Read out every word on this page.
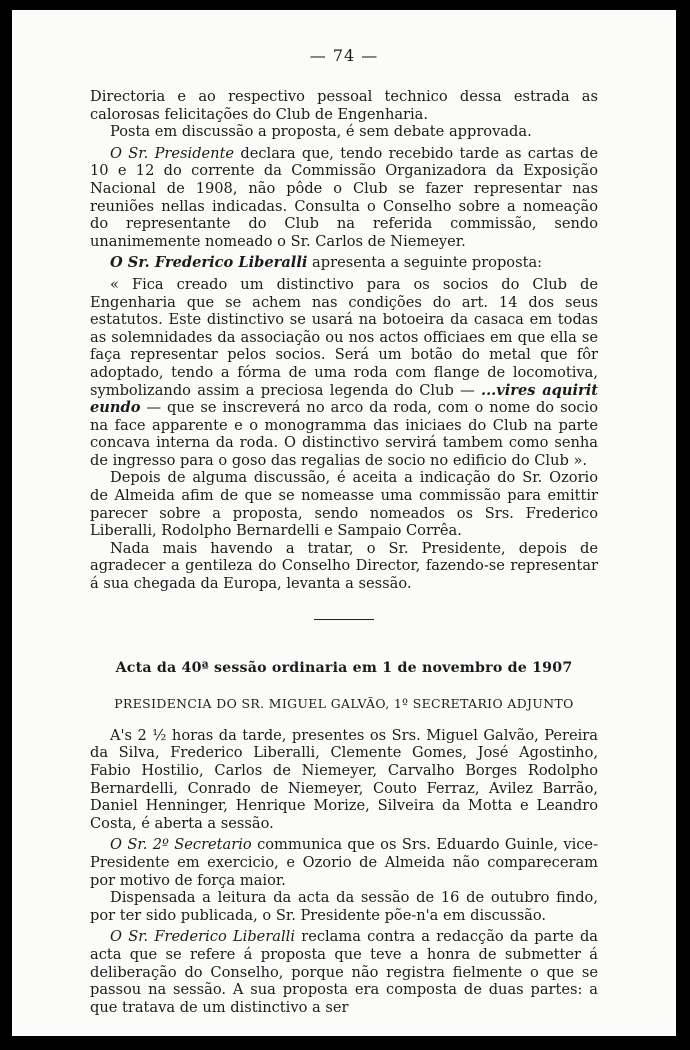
— 74 —

Directoria e ao respectivo pessoal technico dessa estrada as calorosas felicitações do Club de Engenharia.

Posta em discussão a proposta, é sem debate approvada.

O Sr. Presidente declara que, tendo recebido tarde as cartas de 10 e 12 do corrente da Commissão Organizadora da Exposição Nacional de 1908, não pôde o Club se fazer representar nas reuniões nellas indicadas. Consulta o Conselho sobre a nomeação do representante do Club na referida commissão, sendo unanimemente nomeado o Sr. Carlos de Niemeyer.

O Sr. Frederico Liberalli apresenta a seguinte proposta:

« Fica creado um distinctivo para os socios do Club de Engenharia que se achem nas condições do art. 14 dos seus estatutos. Este distinctivo se usará na botoeira da casaca em todas as solemnidades da associação ou nos actos officiaes em que ella se faça representar pelos socios. Será um botão do metal que fôr adoptado, tendo a fórma de uma roda com flange de locomotiva, symbolizando assim a preciosa legenda do Club — ...vires aquirit eundo — que se inscreverá no arco da roda, com o nome do socio na face apparente e o monogramma das iniciaes do Club na parte concava interna da roda. O distinctivo servirá tambem como senha de ingresso para o goso das regalias de socio no edificio do Club ».

Depois de alguma discussão, é aceita a indicação do Sr. Ozorio de Almeida afim de que se nomeasse uma commissão para emittir parecer sobre a proposta, sendo nomeados os Srs. Frederico Liberalli, Rodolpho Bernardelli e Sampaio Corrêa.

Nada mais havendo a tratar, o Sr. Presidente, depois de agradecer a gentileza do Conselho Director, fazendo-se representar á sua chegada da Europa, levanta a sessão.

Acta da 40ª sessão ordinaria em 1 de novembro de 1907
PRESIDENCIA DO SR. MIGUEL GALVÃO, 1º SECRETARIO ADJUNTO

A's 2 ½ horas da tarde, presentes os Srs. Miguel Galvão, Pereira da Silva, Frederico Liberalli, Clemente Gomes, José Agostinho, Fabio Hostilio, Carlos de Niemeyer, Carvalho Borges Rodolpho Bernardelli, Conrado de Niemeyer, Couto Ferraz, Avilez Barrão, Daniel Henninger, Henrique Morize, Silveira da Motta e Leandro Costa, é aberta a sessão.

O Sr. 2º Secretario communica que os Srs. Eduardo Guinle, vice-Presidente em exercicio, e Ozorio de Almeida não compareceram por motivo de força maior.

Dispensada a leitura da acta da sessão de 16 de outubro findo, por ter sido publicada, o Sr. Presidente põe-n'a em discussão.

O Sr. Frederico Liberalli reclama contra a redacção da parte da acta que se refere á proposta que teve a honra de submetter á deliberação do Conselho, porque não registra fielmente o que se passou na sessão. A sua proposta era composta de duas partes: a que tratava de um distinctivo a ser
